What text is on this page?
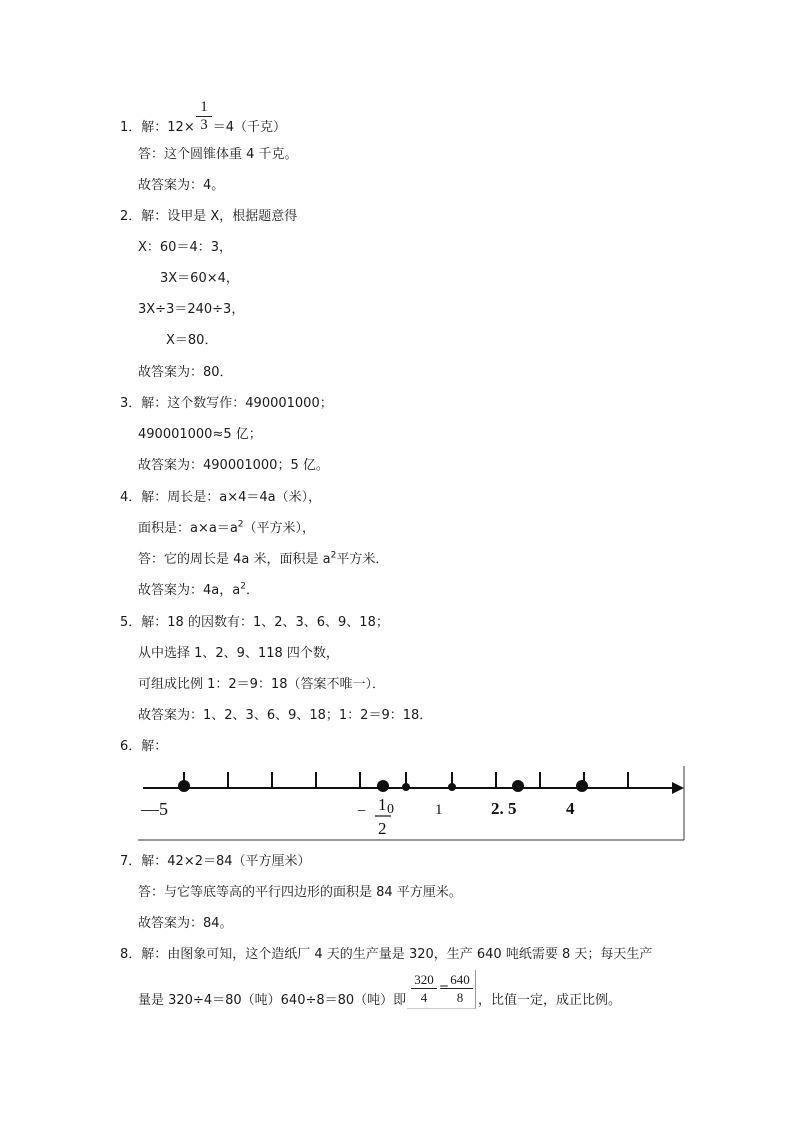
1．解：12× ＝4（千克）
1
3
答：这个圆锥体重 4 千克。
故答案为：4。
2．解：设甲是 X，根据题意得
X：60＝4：3，
3X＝60×4，
3X÷3＝240÷3，
X＝80．
故答案为：80．
3．解：这个数写作：490001000；
490001000≈5 亿；
故答案为：490001000；5 亿。
4．解：周长是：a×4＝4a（米），
面积是：$a\times a=a^2$（平方米），
答：它的周长是 4a 米，面积是 $a^2$平方米．
故答案为：4a，$a^2$．
5．解：18 的因数有：1、2、3、6、9、18；
从中选择 1、2、9、118 四个数，
可组成比例 1：2＝9：18（答案不唯一）．
故答案为：1、2、3、6、9、18；1：2＝9：18．
6．解：
—5	− 1
2
0	1	2. 5	4
7．解：42×2＝84（平方厘米）
答：与它等底等高的平行四边形的面积是 84 平方厘米。
故答案为：84。
8．解：由图象可知，这个造纸厂 4 天的生产量是 320，生产 640 吨纸需要 8 天；每天生产
量是 320÷4＝80（吨）640÷8＝80（吨）即
320
4
= 640
8	，比值一定，成正比例。
